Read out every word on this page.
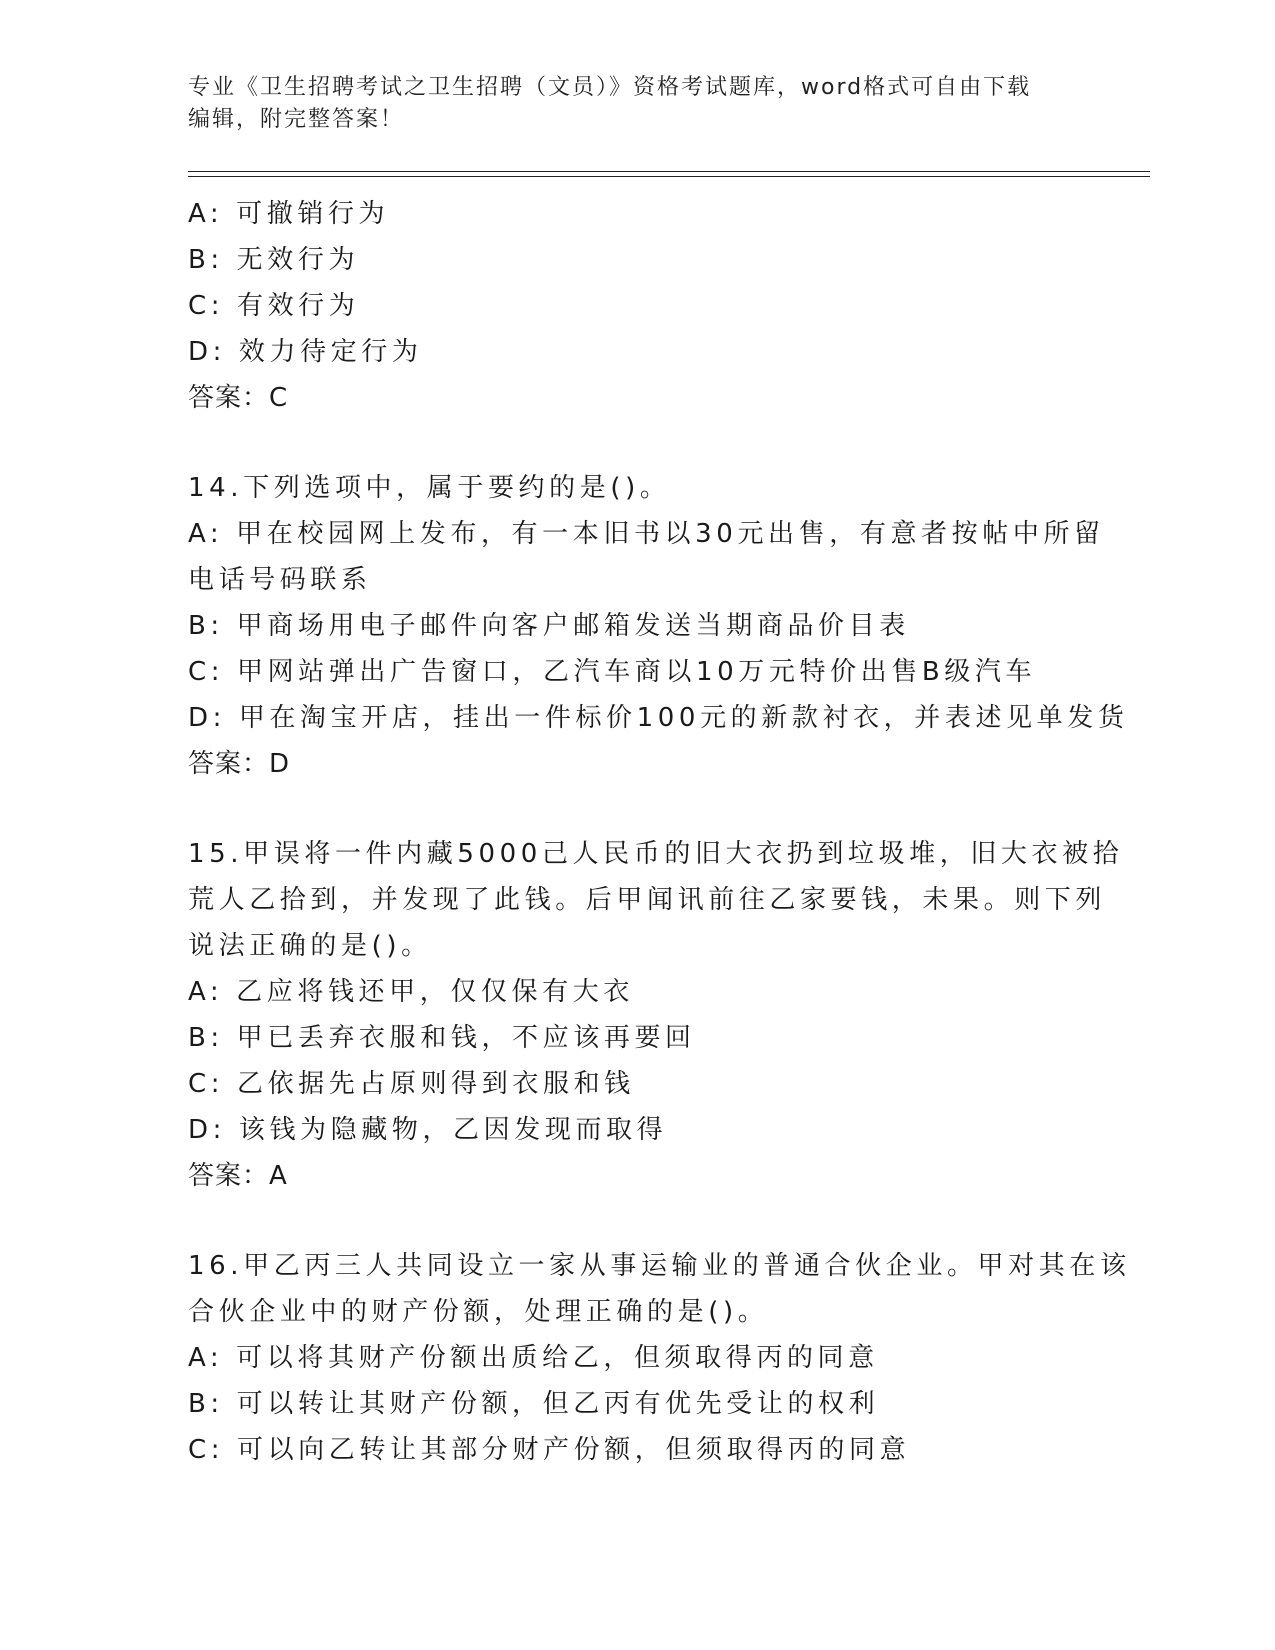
专业《卫生招聘考试之卫生招聘（文员）》资格考试题库，word格式可自由下载
编辑，附完整答案！
A: 可撤销行为
B: 无效行为
C: 有效行为
D: 效力待定行为
答案：C
14.下列选项中，属于要约的是()。
A: 甲在校园网上发布，有一本旧书以30元出售，有意者按帖中所留
电话号码联系
B: 甲商场用电子邮件向客户邮箱发送当期商品价目表
C: 甲网站弹出广告窗口，乙汽车商以10万元特价出售B级汽车
D: 甲在淘宝开店，挂出一件标价100元的新款衬衣，并表述见单发货
答案：D
15.甲误将一件内藏5000己人民币的旧大衣扔到垃圾堆，旧大衣被拾
荒人乙拾到，并发现了此钱。后甲闻讯前往乙家要钱，未果。则下列
说法正确的是()。
A: 乙应将钱还甲，仅仅保有大衣
B: 甲已丢弃衣服和钱，不应该再要回
C: 乙依据先占原则得到衣服和钱
D: 该钱为隐藏物，乙因发现而取得
答案：A
16.甲乙丙三人共同设立一家从事运输业的普通合伙企业。甲对其在该
合伙企业中的财产份额，处理正确的是()。
A: 可以将其财产份额出质给乙，但须取得丙的同意
B: 可以转让其财产份额，但乙丙有优先受让的权利
C: 可以向乙转让其部分财产份额，但须取得丙的同意
